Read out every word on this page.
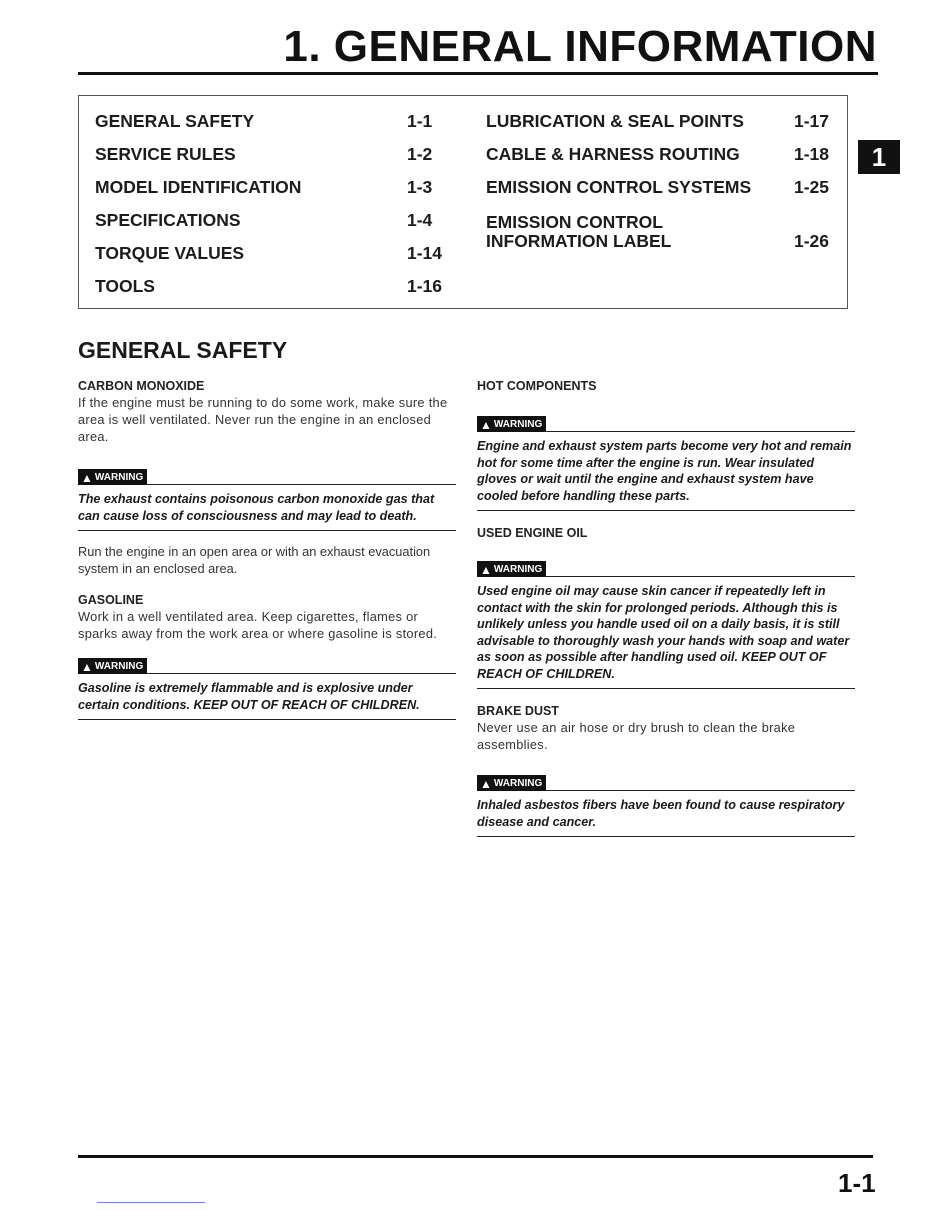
1. GENERAL INFORMATION
GENERAL SAFETY	1-1
SERVICE RULES	1-2
MODEL IDENTIFICATION	1-3
SPECIFICATIONS	1-4
TORQUE VALUES	1-14
TOOLS	1-16
LUBRICATION & SEAL POINTS	1-17
CABLE & HARNESS ROUTING	1-18
EMISSION CONTROL SYSTEMS 1-25
EMISSION CONTROL
INFORMATION LABEL	1-26
1
GENERAL SAFETY
CARBON MONOXIDE

If the engine must be running to do some work, make sure the area is well ventilated. Never run the engine in an enclosed area.

▲ WARNING

The exhaust contains poisonous carbon monoxide gas that can cause loss of consciousness and may lead to death.

Run the engine in an open area or with an exhaust evacuation system in an enclosed area.

GASOLINE

Work in a well ventilated area. Keep cigarettes, flames or sparks away from the work area or where gasoline is stored.

▲ WARNING

Gasoline is extremely flammable and is explosive under certain conditions. KEEP OUT OF REACH OF CHILDREN.

HOT COMPONENTS
▲ WARNING

Engine and exhaust system parts become very hot and remain hot for some time after the engine is run. Wear insulated gloves or wait until the engine and exhaust system have cooled before handling these parts.

USED ENGINE OIL
▲ WARNING

Used engine oil may cause skin cancer if repeatedly left in contact with the skin for prolonged periods. Although this is unlikely unless you handle used oil on a daily basis, it is still advisable to thoroughly wash your hands with soap and water as soon as possible after handling used oil. KEEP OUT OF REACH OF CHILDREN.

BRAKE DUST

Never use an air hose or dry brush to clean the brake assemblies.

▲ WARNING

Inhaled asbestos fibers have been found to cause respiratory disease and cancer.

1-1
